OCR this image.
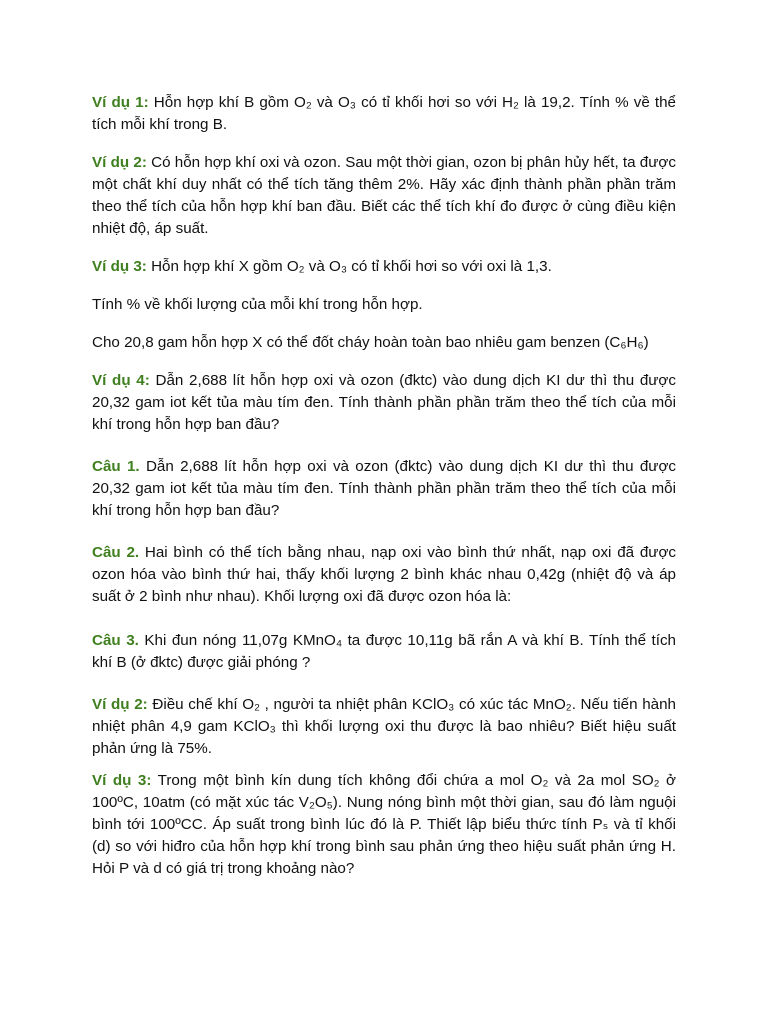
Ví dụ 1: Hỗn hợp khí B gồm O₂ và O₃ có tỉ khối hơi so với H₂ là 19,2. Tính % về thể tích mỗi khí trong B.

Ví dụ 2: Có hỗn hợp khí oxi và ozon. Sau một thời gian, ozon bị phân hủy hết, ta được một chất khí duy nhất có thể tích tăng thêm 2%. Hãy xác định thành phần phần trăm theo thể tích của hỗn hợp khí ban đầu. Biết các thể tích khí đo được ở cùng điều kiện nhiệt độ, áp suất.

Ví dụ 3: Hỗn hợp khí X gồm O₂ và O₃ có tỉ khối hơi so với oxi là 1,3.

Tính % về khối lượng của mỗi khí trong hỗn hợp.

Cho 20,8 gam hỗn hợp X có thể đốt cháy hoàn toàn bao nhiêu gam benzen (C₆H₆)

Ví dụ 4: Dẫn 2,688 lít hỗn hợp oxi và ozon (đktc) vào dung dịch KI dư thì thu được 20,32 gam iot kết tủa màu tím đen. Tính thành phần phần trăm theo thể tích của mỗi khí trong hỗn hợp ban đầu?

Câu 1. Dẫn 2,688 lít hỗn hợp oxi và ozon (đktc) vào dung dịch KI dư thì thu được 20,32 gam iot kết tủa màu tím đen. Tính thành phần phần trăm theo thể tích của mỗi khí trong hỗn hợp ban đầu?

Câu 2. Hai bình có thể tích bằng nhau, nạp oxi vào bình thứ nhất, nạp oxi đã được ozon hóa vào bình thứ hai, thấy khối lượng 2 bình khác nhau 0,42g (nhiệt độ và áp suất ở 2 bình như nhau). Khối lượng oxi đã được ozon hóa là:

Câu 3. Khi đun nóng 11,07g KMnO₄ ta được 10,11g bã rắn A và khí B. Tính thể tích khí B (ở đktc) được giải phóng ?

Ví dụ 2: Điều chế khí O₂ , người ta nhiệt phân KClO₃ có xúc tác MnO₂. Nếu tiến hành nhiệt phân 4,9 gam KClO₃ thì khối lượng oxi thu được là bao nhiêu? Biết hiệu suất phản ứng là 75%.

Ví dụ 3: Trong một bình kín dung tích không đổi chứa a mol O₂ và 2a mol SO₂ ở 100ºC, 10atm (có mặt xúc tác V₂O₅). Nung nóng bình một thời gian, sau đó làm nguội bình tới 100ºCC. Áp suất trong bình lúc đó là P. Thiết lập biểu thức tính Pₛ và tỉ khối (d) so với hiđro của hỗn hợp khí trong bình sau phản ứng theo hiệu suất phản ứng H. Hỏi P và d có giá trị trong khoảng nào?
